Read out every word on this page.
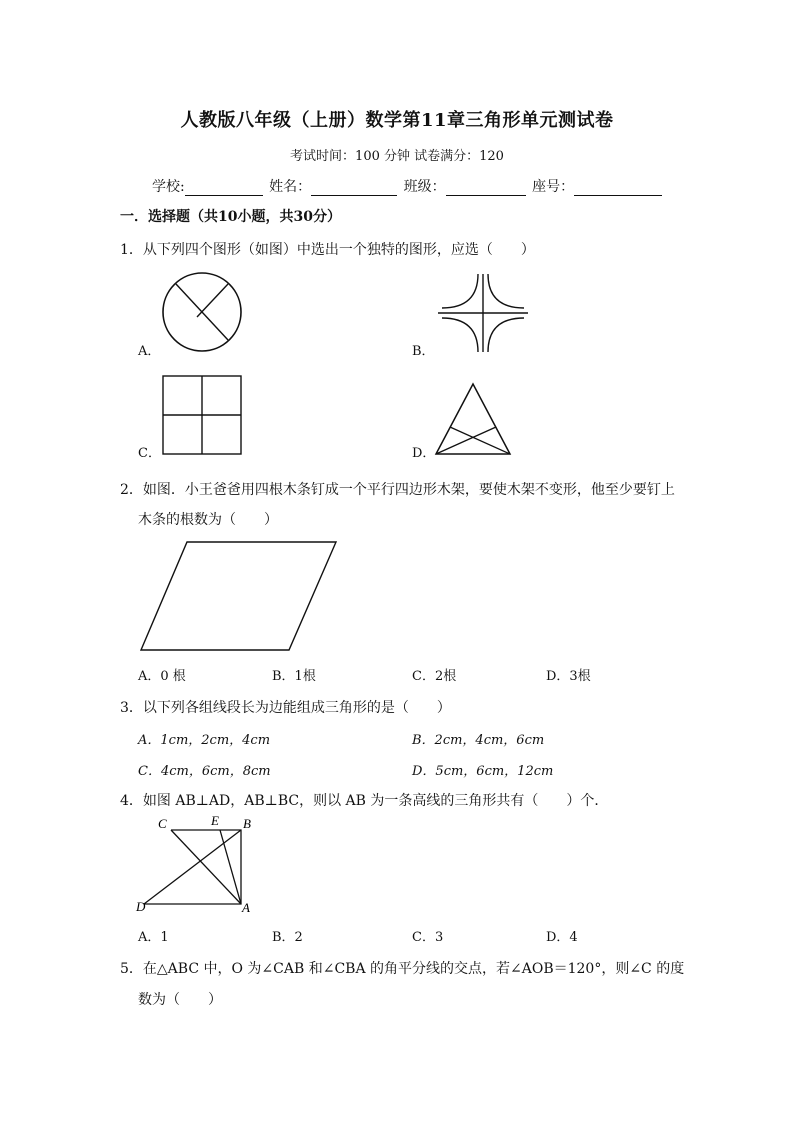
人教版八年级（上册）数学第11章三角形单元测试卷
考试时间：100 分钟 试卷满分：120
学校:	姓名：	班级：	座号：
一．选择题（共10小题，共30分）
1．从下列四个图形（如图）中选出一个独特的图形，应选（　　）
A．	B．
C．	D．
2．如图．小王爸爸用四根木条钉成一个平行四边形木架，要使木架不变形，他至少要钉上
木条的根数为（　　）
A．0 根	B．1根	C．2根	D．3根
3．以下列各组线段长为边能组成三角形的是（　　）
A．1cm，2cm，4cm	B．2cm，4cm，6cm
C．4cm，6cm，8cm	D．5cm，6cm，12cm
4．如图 AB⊥AD，AB⊥BC，则以 AB 为一条高线的三角形共有（　　）个．
C	E B
D	A
A．1	B．2	C．3	D．4
5．在△ABC 中，O 为∠CAB 和∠CBA 的角平分线的交点，若∠AOB＝120°，则∠C 的度
数为（　　）
